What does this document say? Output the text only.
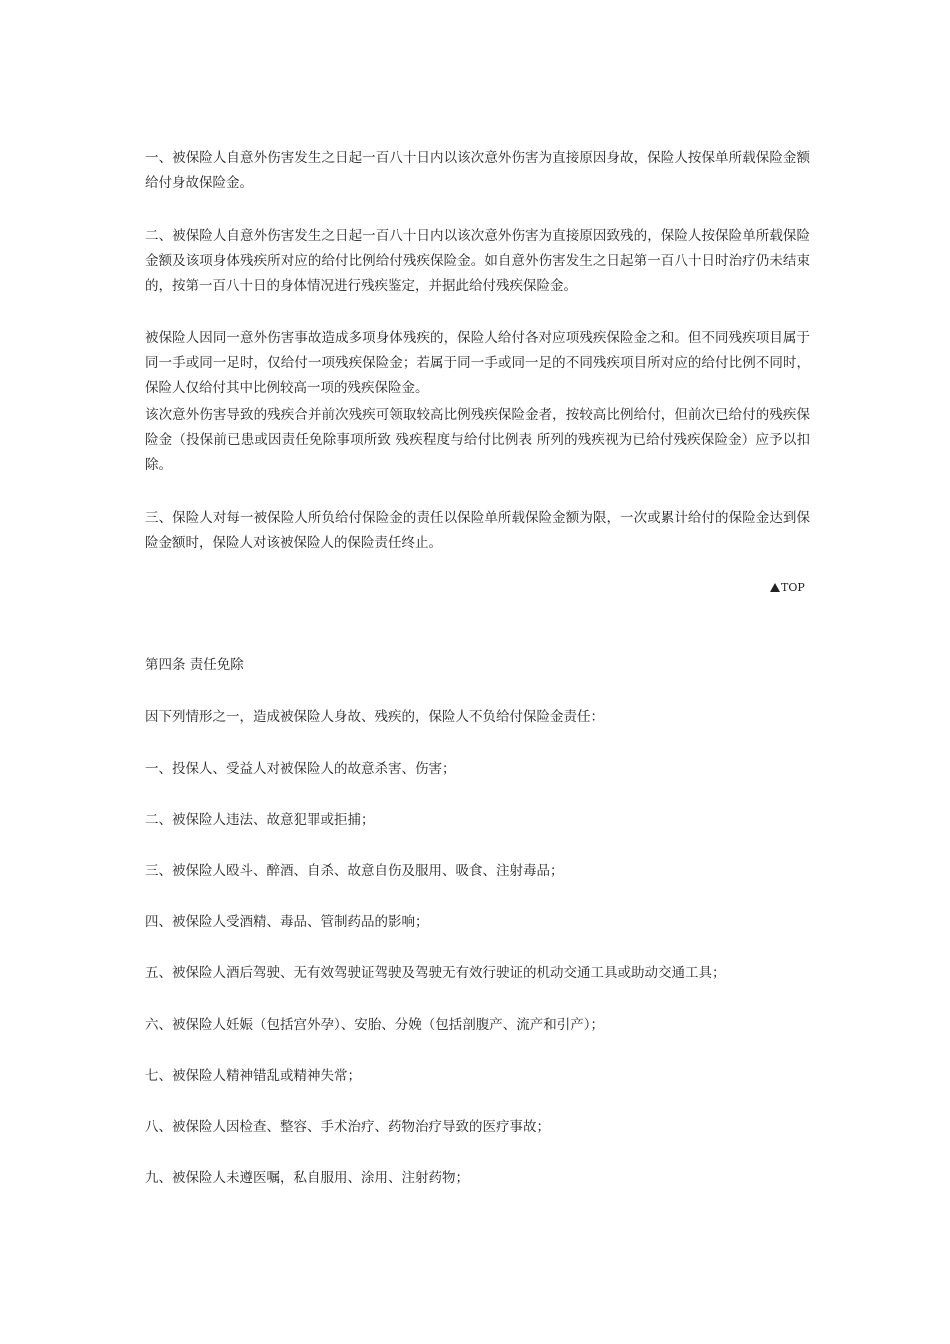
一、被保险人自意外伤害发生之日起一百八十日内以该次意外伤害为直接原因身故，保险人按保单所载保险金额给付身故保险金。

二、被保险人自意外伤害发生之日起一百八十日内以该次意外伤害为直接原因致残的，保险人按保险单所载保险金额及该项身体残疾所对应的给付比例给付残疾保险金。如自意外伤害发生之日起第一百八十日时治疗仍未结束的，按第一百八十日的身体情况进行残疾鉴定，并据此给付残疾保险金。

被保险人因同一意外伤害事故造成多项身体残疾的，保险人给付各对应项残疾保险金之和。但不同残疾项目属于同一手或同一足时，仅给付一项残疾保险金；若属于同一手或同一足的不同残疾项目所对应的给付比例不同时，保险人仅给付其中比例较高一项的残疾保险金。

该次意外伤害导致的残疾合并前次残疾可领取较高比例残疾保险金者，按较高比例给付，但前次已给付的残疾保险金（投保前已患或因责任免除事项所致 残疾程度与给付比例表 所列的残疾视为已给付残疾保险金）应予以扣除。

三、保险人对每一被保险人所负给付保险金的责任以保险单所载保险金额为限，一次或累计给付的保险金达到保险金额时，保险人对该被保险人的保险责任终止。

第四条 责任免除

因下列情形之一，造成被保险人身故、残疾的，保险人不负给付保险金责任：

一、投保人、受益人对被保险人的故意杀害、伤害；

二、被保险人违法、故意犯罪或拒捕；

三、被保险人殴斗、醉酒、自杀、故意自伤及服用、吸食、注射毒品；

四、被保险人受酒精、毒品、管制药品的影响；

五、被保险人酒后驾驶、无有效驾驶证驾驶及驾驶无有效行驶证的机动交通工具或助动交通工具；

六、被保险人妊娠（包括宫外孕）、安胎、分娩（包括剖腹产、流产和引产）；

七、被保险人精神错乱或精神失常；

八、被保险人因检查、整容、手术治疗、药物治疗导致的医疗事故；

九、被保险人未遵医嘱，私自服用、涂用、注射药物；

TOP
